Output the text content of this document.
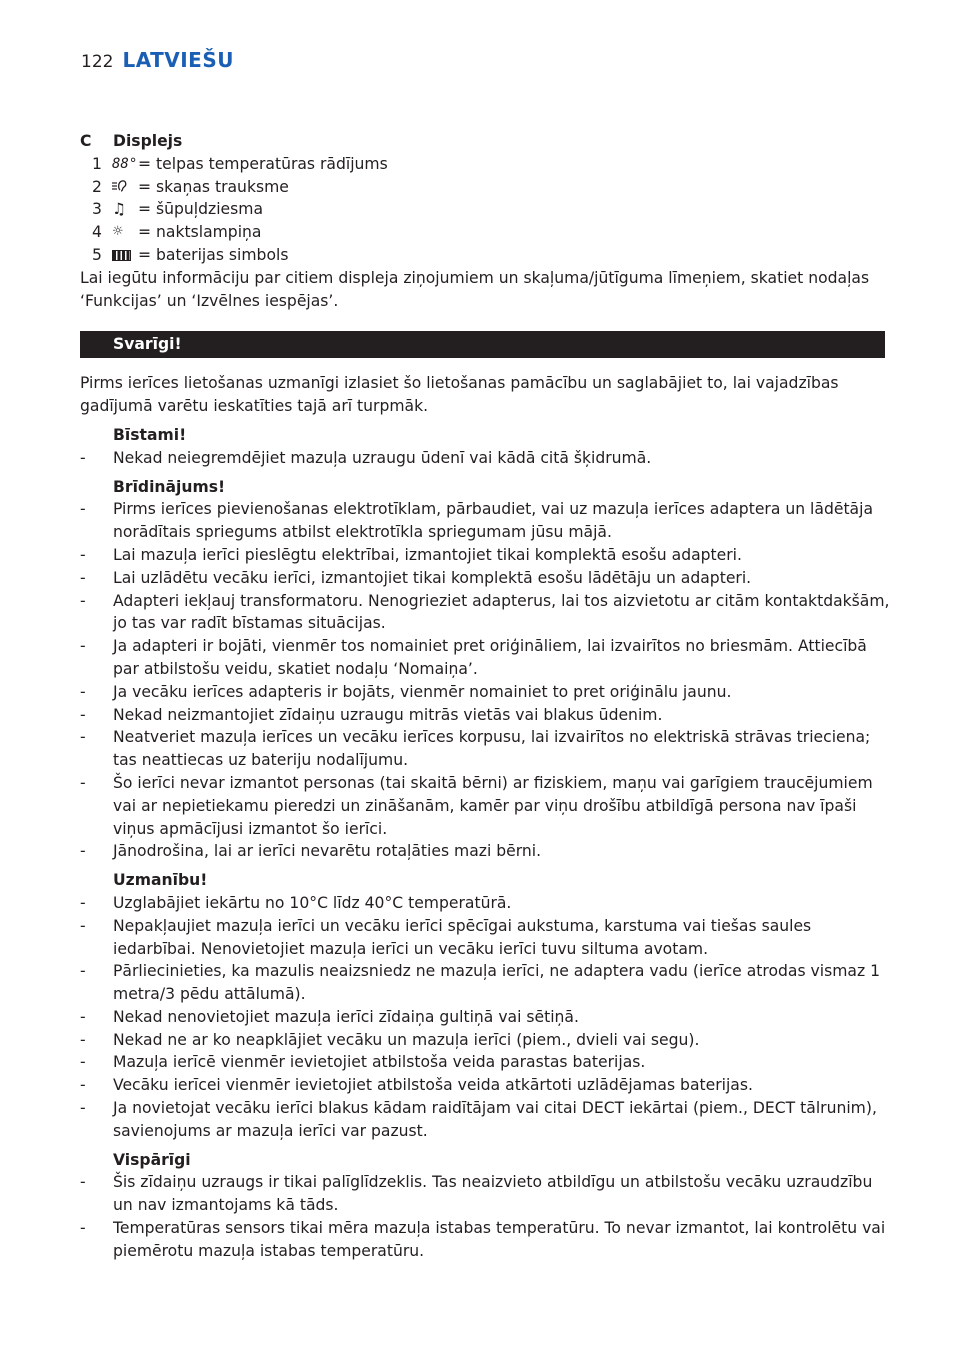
122 LATVIEŠU
C	Displejs
1 88° = telpas temperatūras rādījums
2	= skaņas trauksme
3 ♫ = šūpuļdziesma
4 ☼ = naktslampiņa
5	= baterijas simbols
Lai iegūtu informāciju par citiem displeja ziņojumiem un skaļuma/jūtīguma līmeņiem, skatiet nodaļas
‘Funkcijas’ un ‘Izvēlnes iespējas’.
Svarīgi!
Pirms ierīces lietošanas uzmanīgi izlasiet šo lietošanas pamācību un saglabājiet to, lai vajadzības
gadījumā varētu ieskatīties tajā arī turpmāk.
Bīstami!
-	Nekad neiegremdējiet mazuļa uzraugu ūdenī vai kādā citā šķidrumā.
Brīdinājums!
-	Pirms ierīces pievienošanas elektrotīklam, pārbaudiet, vai uz mazuļa ierīces adaptera un lādētāja norādītais spriegums atbilst elektrotīkla spriegumam jūsu mājā.
-	Lai mazuļa ierīci pieslēgtu elektrībai, izmantojiet tikai komplektā esošu adapteri.
-	Lai uzlādētu vecāku ierīci, izmantojiet tikai komplektā esošu lādētāju un adapteri.
-	Adapteri iekļauj transformatoru. Nenogrieziet adapterus, lai tos aizvietotu ar citām kontaktdakšām, jo tas var radīt bīstamas situācijas.
-	Ja adapteri ir bojāti, vienmēr tos nomainiet pret oriģināliem, lai izvairītos no briesmām. Attiecībā par atbilstošu veidu, skatiet nodaļu ‘Nomaiņa’.
-	Ja vecāku ierīces adapteris ir bojāts, vienmēr nomainiet to pret oriģinālu jaunu.
-	Nekad neizmantojiet zīdaiņu uzraugu mitrās vietās vai blakus ūdenim.
-	Neatveriet mazuļa ierīces un vecāku ierīces korpusu, lai izvairītos no elektriskā strāvas trieciena; tas neattiecas uz bateriju nodalījumu.
-	Šo ierīci nevar izmantot personas (tai skaitā bērni) ar fiziskiem, maņu vai garīgiem traucējumiem vai ar nepietiekamu pieredzi un zināšanām, kamēr par viņu drošību atbildīgā persona nav īpaši viņus apmācījusi izmantot šo ierīci.
-	Jānodrošina, lai ar ierīci nevarētu rotaļāties mazi bērni.
Uzmanību!
-	Uzglabājiet iekārtu no 10°C līdz 40°C temperatūrā.
-	Nepakļaujiet mazuļa ierīci un vecāku ierīci spēcīgai aukstuma, karstuma vai tiešas saules iedarbībai. Nenovietojiet mazuļa ierīci un vecāku ierīci tuvu siltuma avotam.
-	Pārliecinieties, ka mazulis neaizsniedz ne mazuļa ierīci, ne adaptera vadu (ierīce atrodas vismaz 1 metra/3 pēdu attālumā).
-	Nekad nenovietojiet mazuļa ierīci zīdaiņa gultiņā vai sētiņā.
-	Nekad ne ar ko neapklājiet vecāku un mazuļa ierīci (piem., dvieli vai segu).
-	Mazuļa ierīcē vienmēr ievietojiet atbilstoša veida parastas baterijas.
-	Vecāku ierīcei vienmēr ievietojiet atbilstoša veida atkārtoti uzlādējamas baterijas.
-	Ja novietojat vecāku ierīci blakus kādam raidītājam vai citai DECT iekārtai (piem., DECT tālrunim), savienojums ar mazuļa ierīci var pazust.
Vispārīgi
-	Šis zīdaiņu uzraugs ir tikai palīglīdzeklis. Tas neaizvieto atbildīgu un atbilstošu vecāku uzraudzību un nav izmantojams kā tāds.
-	Temperatūras sensors tikai mēra mazuļa istabas temperatūru. To nevar izmantot, lai kontrolētu vai piemērotu mazuļa istabas temperatūru.
